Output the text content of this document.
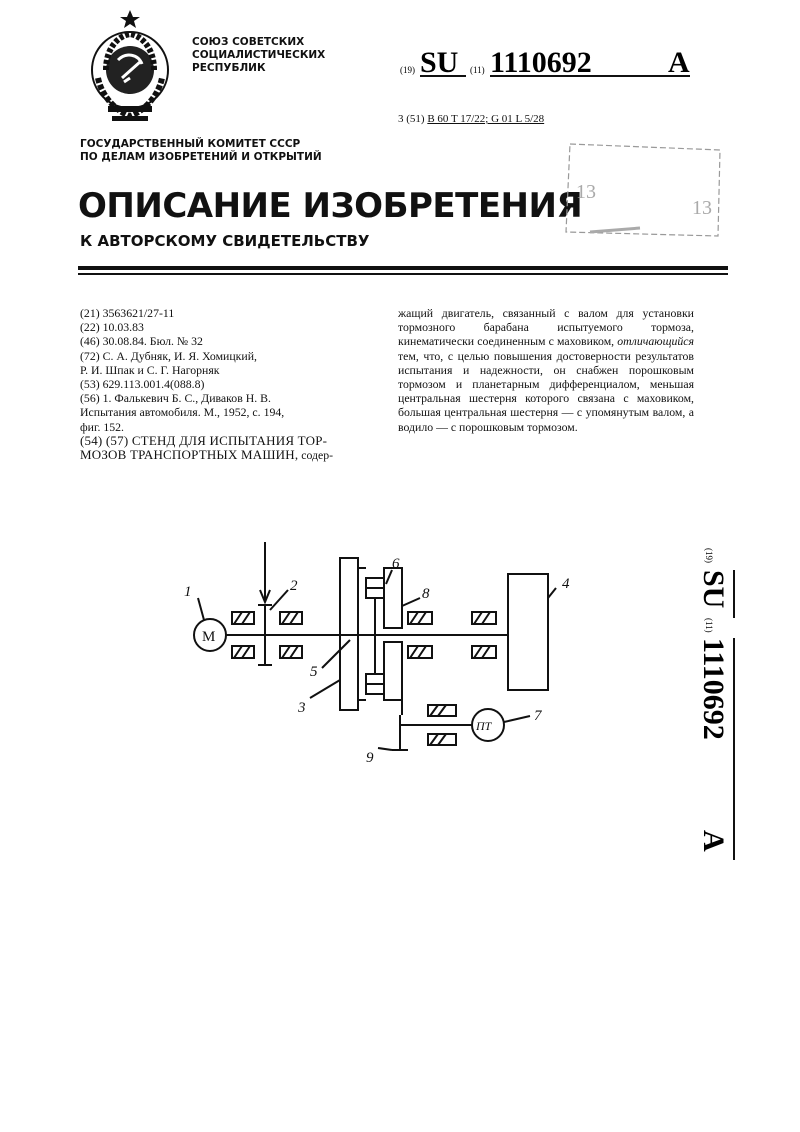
СОЮЗ СОВЕТСКИХ
СОЦИАЛИСТИЧЕСКИХ
РЕСПУБЛИК
ГОСУДАРСТВЕННЫЙ КОМИТЕТ СССР
ПО ДЕЛАМ ИЗОБРЕТЕНИЙ И ОТКРЫТИЙ
ОПИСАНИЕ ИЗОБРЕТЕНИЯ
К АВТОРСКОМУ СВИДЕТЕЛЬСТВУ
(19) SU (11) 1110692	A
3 (51) B 60 T 17/22; G 01 L 5/28
13
13
(21) 3563621/27-11
(22) 10.03.83
(46) 30.08.84. Бюл. № 32
(72) С. А. Дубняк, И. Я. Хомицкий,
Р. И. Шпак и С. Г. Нагорняк
(53) 629.113.001.4(088.8)
(56) 1. Фалькевич Б. С., Диваков Н. В.
Испытания автомобиля. М., 1952, с. 194,
фиг. 152.
(54) (57) СТЕНД ДЛЯ ИСПЫТАНИЯ ТОР-
МОЗОВ ТРАНСПОРТНЫХ МАШИН, содер-
жащий двигатель, связанный с валом для установки тормозного барабана испытуемого тормоза, кинематически соединенным с маховиком, отличающийся тем, что, с целью повышения достоверности результатов испытания и надежности, он снабжен порошковым тормозом и планетарным дифференциалом, меньшая центральная шестерня которого связана с маховиком, большая центральная шестерня — с упомянутым валом, а водило — с порошковым тормозом.
М
ПТ
1	2
3
4
5
6
7
8
9
(19)
SU
(11)
1110692
A
